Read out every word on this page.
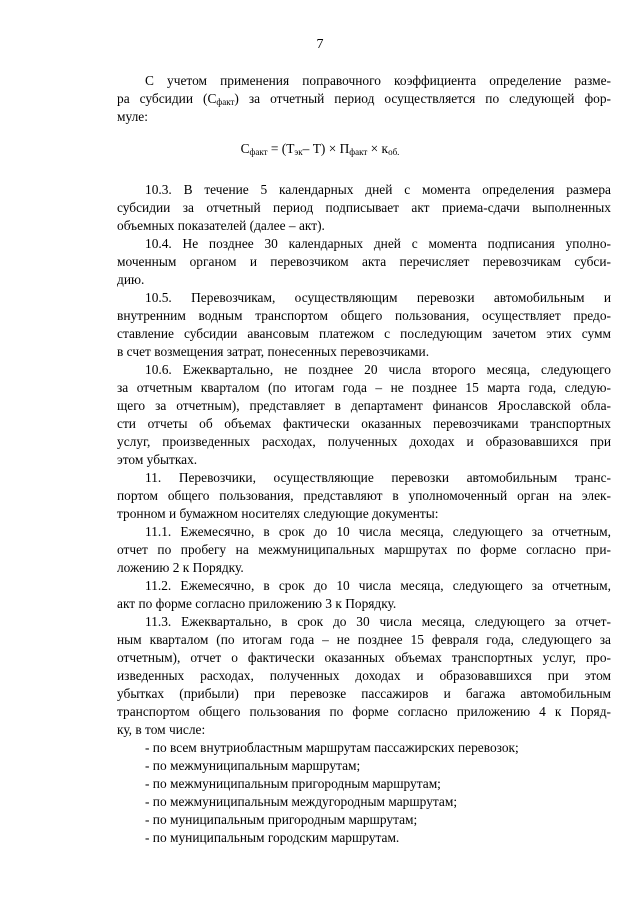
7
С учетом применения поправочного коэффициента определение разме-
ра субсидии $(С_{факт})$ за отчетный период осуществляется по следующей фор-
муле:
$С_{факт} = (Т_{эк}-$ $Т) \times П_{факт} \times к_{об.}$
10.3. В течение 5 календарных дней с момента определения размера
субсидии за отчетный период подписывает акт приема-сдачи выполненных
объемных показателей (далее – акт).
10.4. Не позднее 30 календарных дней с момента подписания уполно-
моченным органом и перевозчиком акта перечисляет перевозчикам субси-
дию.
10.5. Перевозчикам, осуществляющим перевозки автомобильным и
внутренним водным транспортом общего пользования, осуществляет предо-
ставление субсидии авансовым платежом с последующим зачетом этих сумм
в счет возмещения затрат, понесенных перевозчиками.
10.6. Ежеквартально, не позднее 20 числа второго месяца, следующего
за отчетным кварталом (по итогам года – не позднее 15 марта года, следую-
щего за отчетным), представляет в департамент финансов Ярославской обла-
сти отчеты об объемах фактически оказанных перевозчиками транспортных
услуг, произведенных расходах, полученных доходах и образовавшихся при
этом убытках.
11. Перевозчики, осуществляющие перевозки автомобильным транс-
портом общего пользования, представляют в уполномоченный орган на элек-
тронном и бумажном носителях следующие документы:
11.1. Ежемесячно, в срок до 10 числа месяца, следующего за отчетным,
отчет по пробегу на межмуниципальных маршрутах по форме согласно при-
ложению 2 к Порядку.
11.2. Ежемесячно, в срок до 10 числа месяца, следующего за отчетным,
акт по форме согласно приложению 3 к Порядку.
11.3. Ежеквартально, в срок до 30 числа месяца, следующего за отчет-
ным кварталом (по итогам года – не позднее 15 февраля года, следующего за
отчетным), отчет о фактически оказанных объемах транспортных услуг, про-
изведенных расходах, полученных доходах и образовавшихся при этом
убытках (прибыли) при перевозке пассажиров и багажа автомобильным
транспортом общего пользования по форме согласно приложению 4 к Поряд-
ку, в том числе:
- по всем внутриобластным маршрутам пассажирских перевозок;
- по межмуниципальным маршрутам;
- по межмуниципальным пригородным маршрутам;
- по межмуниципальным междугородным маршрутам;
- по муниципальным пригородным маршрутам;
- по муниципальным городским маршрутам.
